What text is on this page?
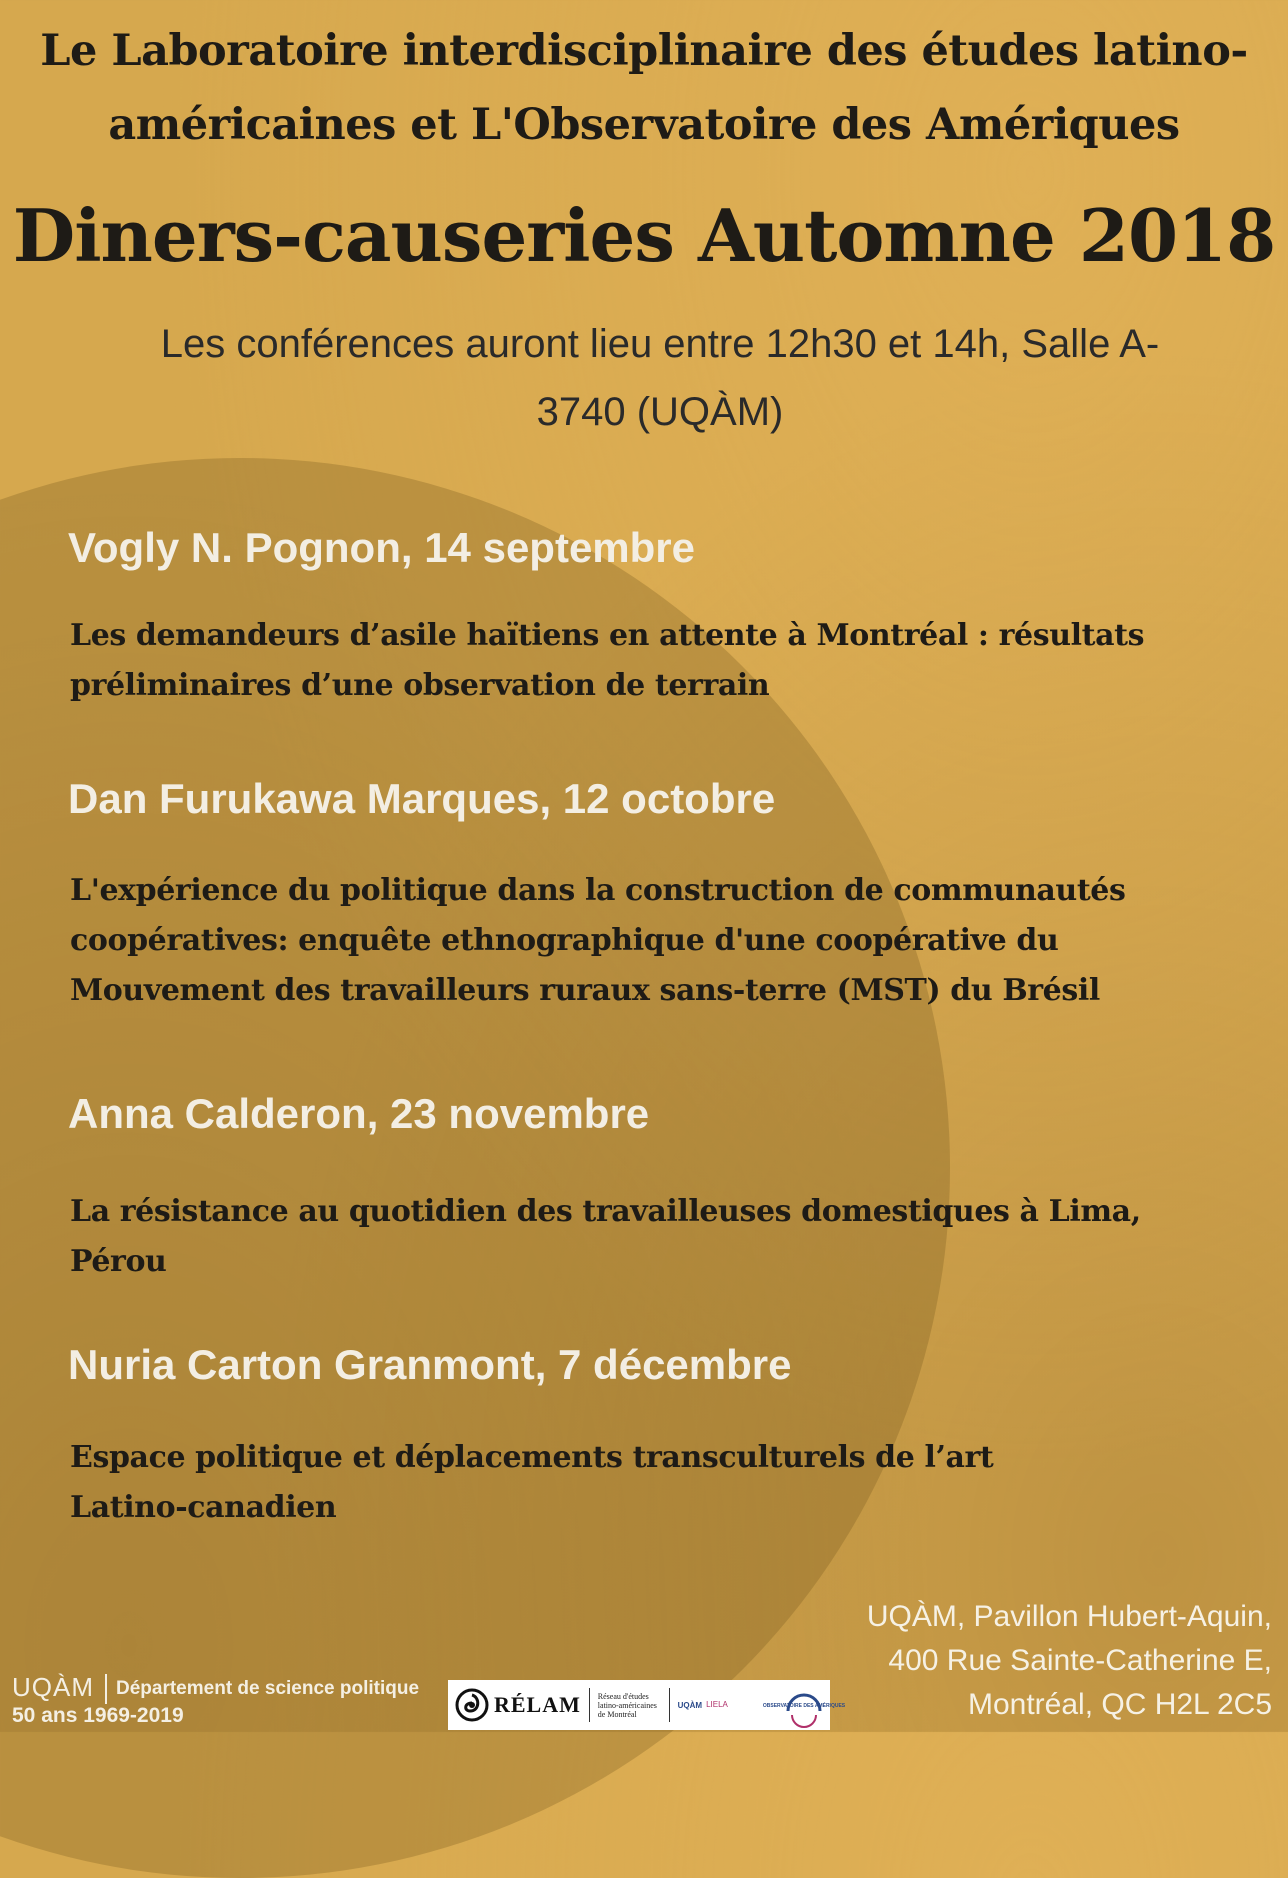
Le Laboratoire interdisciplinaire des études latino-
américaines et L'Observatoire des Amériques
Diners-causeries Automne 2018
Les conférences auront lieu entre 12h30 et 14h, Salle A-
3740 (UQÀM)
Vogly N. Pognon, 14 septembre
Les demandeurs d’asile haïtiens en attente à Montréal : résultats
préliminaires d’une observation de terrain
Dan Furukawa Marques, 12 octobre
L'expérience du politique dans la construction de communautés
coopératives: enquête ethnographique d'une coopérative du
Mouvement des travailleurs ruraux sans-terre (MST) du Brésil
Anna Calderon, 23 novembre
La résistance au quotidien des travailleuses domestiques à Lima,
Pérou
Nuria Carton Granmont, 7 décembre
Espace politique et déplacements transculturels de l’art
Latino-canadien
UQÀM, Pavillon Hubert-Aquin,
400 Rue Sainte-Catherine E,
Montréal, QC H2L 2C5
UQÀM Département de science politique
50 ans 1969-2019	RÉLAM Réseau d'études latino-américaines de Montréal
UQÀM LIELA	OBSERVATOIRE DES AMÉRIQUES
